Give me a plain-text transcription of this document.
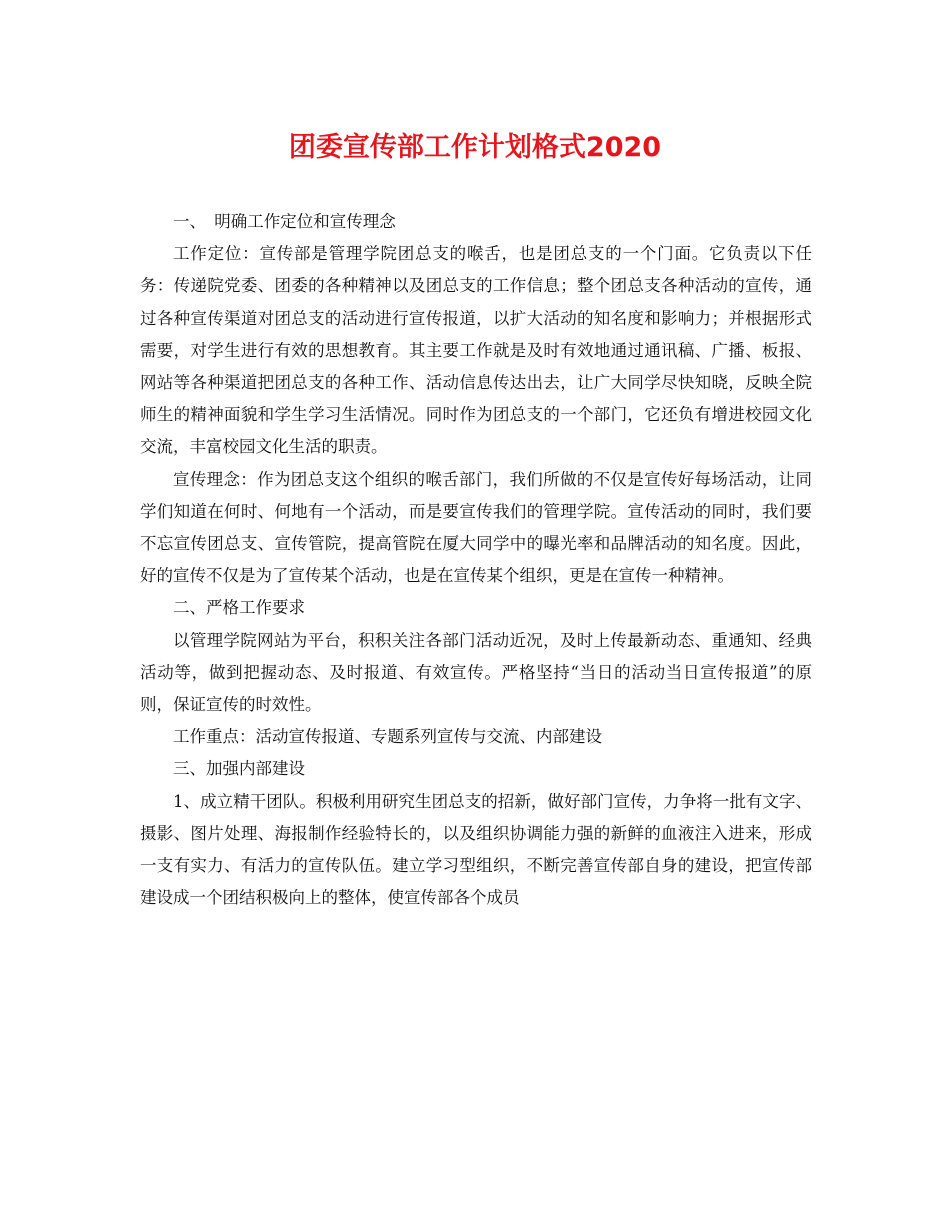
团委宣传部工作计划格式2020

一、　明确工作定位和宣传理念

工作定位：宣传部是管理学院团总支的喉舌，也是团总支的一个门面。它负责以下任务：传递院党委、团委的各种精神以及团总支的工作信息；整个团总支各种活动的宣传，通过各种宣传渠道对团总支的活动进行宣传报道，以扩大活动的知名度和影响力；并根据形式需要，对学生进行有效的思想教育。其主要工作就是及时有效地通过通讯稿、广播、板报、网站等各种渠道把团总支的各种工作、活动信息传达出去，让广大同学尽快知晓，反映全院师生的精神面貌和学生学习生活情况。同时作为团总支的一个部门，它还负有增进校园文化交流，丰富校园文化生活的职责。

宣传理念：作为团总支这个组织的喉舌部门，我们所做的不仅是宣传好每场活动，让同学们知道在何时、何地有一个活动，而是要宣传我们的管理学院。宣传活动的同时，我们要不忘宣传团总支、宣传管院，提高管院在厦大同学中的曝光率和品牌活动的知名度。因此，好的宣传不仅是为了宣传某个活动，也是在宣传某个组织，更是在宣传一种精神。

二、严格工作要求

以管理学院网站为平台，积积关注各部门活动近况，及时上传最新动态、重通知、经典活动等，做到把握动态、及时报道、有效宣传。严格坚持“当日的活动当日宣传报道”的原则，保证宣传的时效性。

工作重点：活动宣传报道、专题系列宣传与交流、内部建设

三、加强内部建设

1、成立精干团队。积极利用研究生团总支的招新，做好部门宣传，力争将一批有文字、摄影、图片处理、海报制作经验特长的，以及组织协调能力强的新鲜的血液注入进来，形成一支有实力、有活力的宣传队伍。建立学习型组织，不断完善宣传部自身的建设，把宣传部建设成一个团结积极向上的整体，使宣传部各个成员
